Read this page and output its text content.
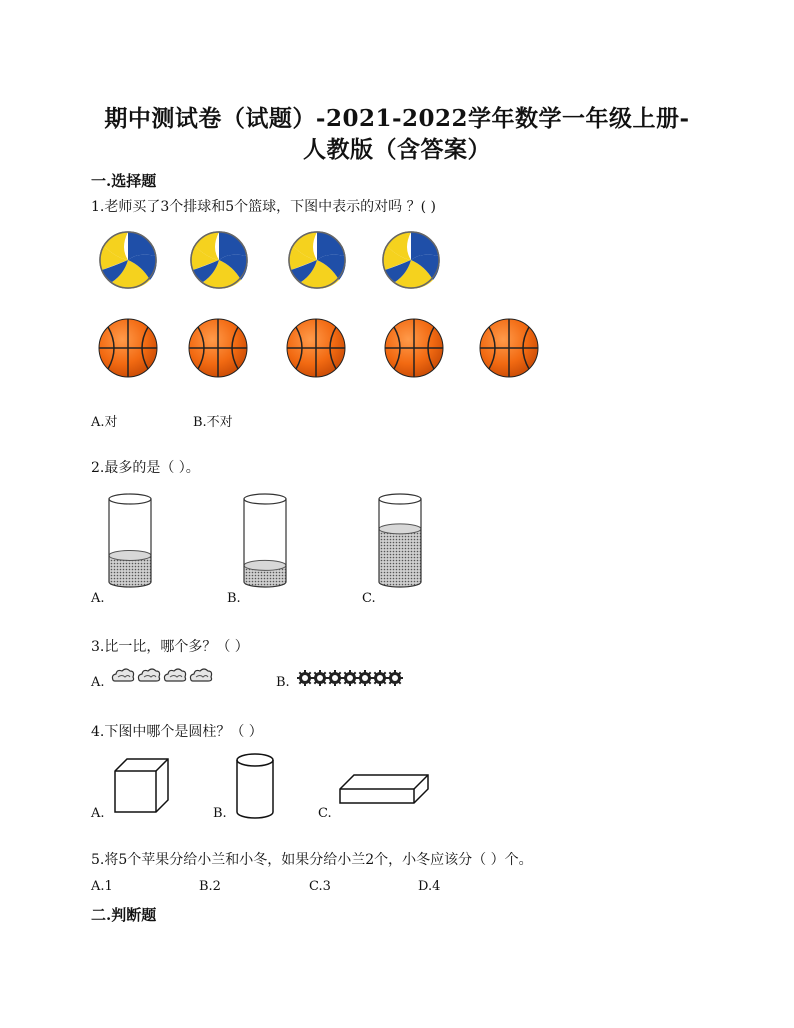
期中测试卷（试题）-2021-2022学年数学一年级上册-
人教版（含答案）
一.选择题
1.老师买了3个排球和5个篮球，下图中表示的对吗 ？( )
A.对	B.不对
2.最多的是（ ）。
A.	B.	C.
3.比一比，哪个多？（ ）
A.	B.
4.下图中哪个是圆柱？（ ）
A.	B.	C.
5.将5个苹果分给小兰和小冬，如果分给小兰2个，小冬应该分（ ）个。
A.1	B.2	C.3	D.4
二.判断题
